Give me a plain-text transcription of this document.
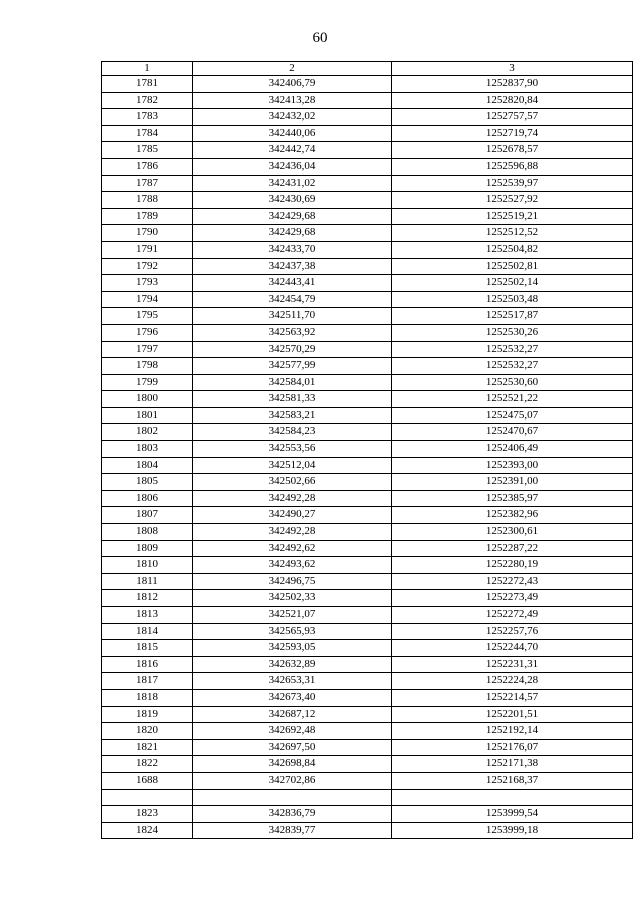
60
1	2	3
1781	342406,79	1252837,90
1782	342413,28	1252820,84
1783	342432,02	1252757,57
1784	342440,06	1252719,74
1785	342442,74	1252678,57
1786	342436,04	1252596,88
1787	342431,02	1252539,97
1788	342430,69	1252527,92
1789	342429,68	1252519,21
1790	342429,68	1252512,52
1791	342433,70	1252504,82
1792	342437,38	1252502,81
1793	342443,41	1252502,14
1794	342454,79	1252503,48
1795	342511,70	1252517,87
1796	342563,92	1252530,26
1797	342570,29	1252532,27
1798	342577,99	1252532,27
1799	342584,01	1252530,60
1800	342581,33	1252521,22
1801	342583,21	1252475,07
1802	342584,23	1252470,67
1803	342553,56	1252406,49
1804	342512,04	1252393,00
1805	342502,66	1252391,00
1806	342492,28	1252385,97
1807	342490,27	1252382,96
1808	342492,28	1252300,61
1809	342492,62	1252287,22
1810	342493,62	1252280,19
1811	342496,75	1252272,43
1812	342502,33	1252273,49
1813	342521,07	1252272,49
1814	342565,93	1252257,76
1815	342593,05	1252244,70
1816	342632,89	1252231,31
1817	342653,31	1252224,28
1818	342673,40	1252214,57
1819	342687,12	1252201,51
1820	342692,48	1252192,14
1821	342697,50	1252176,07
1822	342698,84	1252171,38
1688	342702,86	1252168,37

1823	342836,79	1253999,54
1824	342839,77	1253999,18
